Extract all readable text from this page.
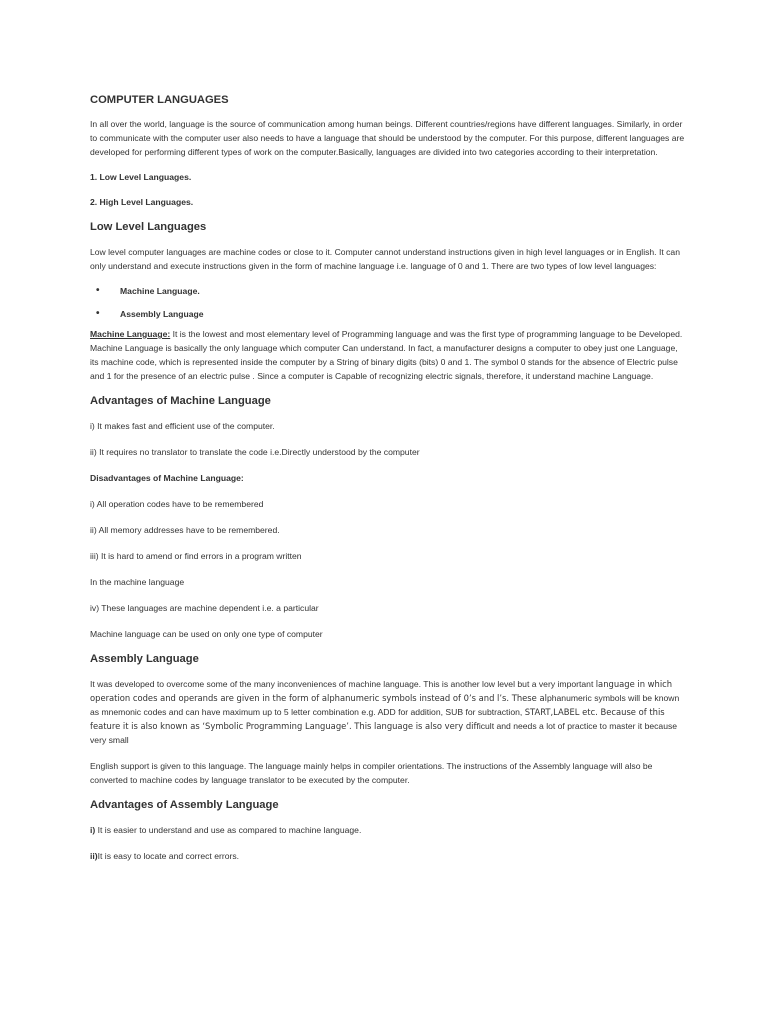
COMPUTER LANGUAGES

In all over the world, language is the source of communication among human beings. Different countries/regions have different languages. Similarly, in order to communicate with the computer user also needs to have a language that should be understood by the computer. For this purpose, different languages are developed for performing different types of work on the computer.Basically, languages are divided into two categories according to their interpretation.

1. Low Level Languages.

2. High Level Languages.

Low Level Languages

Low level computer languages are machine codes or close to it. Computer cannot understand instructions given in high level languages or in English. It can only understand and execute instructions given in the form of machine language i.e. language of 0 and 1. There are two types of low level languages:

• Machine Language.
• Assembly Language

Machine Language: It is the lowest and most elementary level of Programming language and was the first type of programming language to be Developed. Machine Language is basically the only language which computer Can understand. In fact, a manufacturer designs a computer to obey just one Language, its machine code, which is represented inside the computer by a String of binary digits (bits) 0 and 1. The symbol 0 stands for the absence of Electric pulse and 1 for the presence of an electric pulse . Since a computer is Capable of recognizing electric signals, therefore, it understand machine Language.

Advantages of Machine Language

i) It makes fast and efficient use of the computer.

ii) It requires no translator to translate the code i.e.Directly understood by the computer

Disadvantages of Machine Language:

i) All operation codes have to be remembered

ii) All memory addresses have to be remembered.

iii) It is hard to amend or find errors in a program written

In the machine language

iv) These languages are machine dependent i.e. a particular

Machine language can be used on only one type of computer

Assembly Language

It was developed to overcome some of the many inconveniences of machine language. This is another low level but a very important language in which operation codes and operands are given in the form of alphanumeric symbols instead of 0’s and l’s. These alphanumeric symbols will be known as mnemonic codes and can have maximum up to 5 letter combination e.g. ADD for addition, SUB for subtraction, START,LABEL etc. Because of this feature it is also known as ‘Symbolic Programming Language’. This language is also very difficult and needs a lot of practice to master it because very small

English support is given to this language. The language mainly helps in compiler orientations. The instructions of the Assembly language will also be converted to machine codes by language translator to be executed by the computer.

Advantages of Assembly Language

i) It is easier to understand and use as compared to machine language.

ii)It is easy to locate and correct errors.
